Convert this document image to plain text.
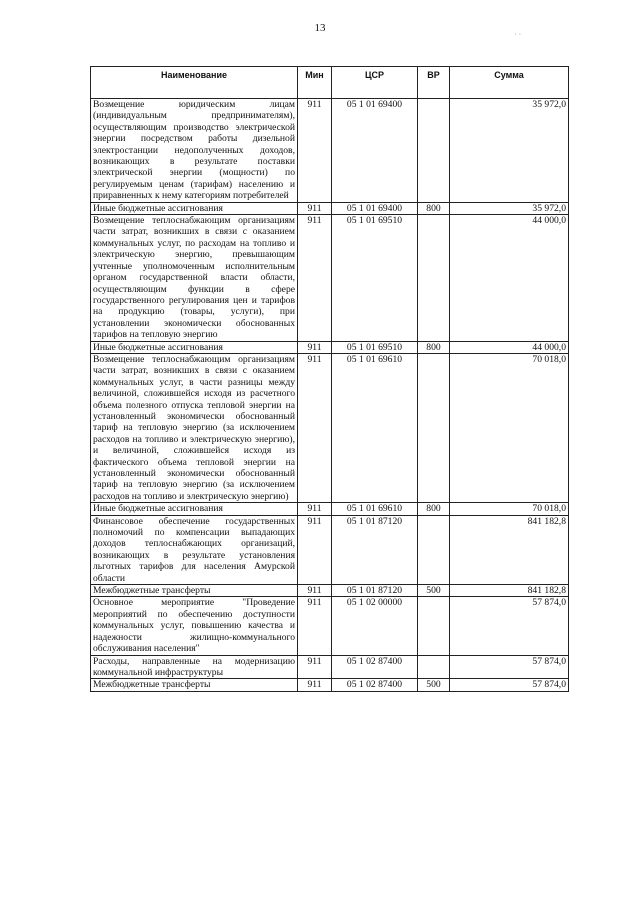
13
· ·
Наименование	Мин	ЦСР	ВР	Сумма
Возмещение юридическим лицам (индивидуальным предпринимателям), осуществляющим производство электрической энергии посредством работы дизельной электростанции недополученных доходов, возникающих в результате поставки электрической энергии (мощности) по регулируемым ценам (тарифам) населению и приравненных к нему категориям потребителей	911	05 1 01 69400		35 972,0
Иные бюджетные ассигнования	911	05 1 01 69400	800	35 972,0
Возмещение теплоснабжающим организациям части затрат, возникших в связи с оказанием коммунальных услуг, по расходам на топливо и электрическую энергию, превышающим учтенные уполномоченным исполнительным органом государственной власти области, осуществляющим функции в сфере государственного регулирования цен и тарифов на продукцию (товары, услуги), при установлении экономически обоснованных тарифов на тепловую энергию	911	05 1 01 69510		44 000,0
Иные бюджетные ассигнования	911	05 1 01 69510	800	44 000,0
Возмещение теплоснабжающим организациям части затрат, возникших в связи с оказанием коммунальных услуг, в части разницы между величиной, сложившейся исходя из расчетного объема полезного отпуска тепловой энергии на установленный экономически обоснованный тариф на тепловую энергию (за исключением расходов на топливо и электрическую энергию), и величиной, сложившейся исходя из фактического объема тепловой энергии на установленный экономически обоснованный тариф на тепловую энергию (за исключением расходов на топливо и электрическую энергию)	911	05 1 01 69610		70 018,0
Иные бюджетные ассигнования	911	05 1 01 69610	800	70 018,0
Финансовое обеспечение государственных полномочий по компенсации выпадающих доходов теплоснабжающих организаций, возникающих в результате установления льготных тарифов для населения Амурской области	911	05 1 01 87120		841 182,8
Межбюджетные трансферты	911	05 1 01 87120	500	841 182,8
Основное мероприятие "Проведение мероприятий по обеспечению доступности коммунальных услуг, повышению качества и надежности жилищно-коммунального обслуживания населения"	911	05 1 02 00000		57 874,0
Расходы, направленные на модернизацию коммунальной инфраструктуры	911	05 1 02 87400		57 874,0
Межбюджетные трансферты	911	05 1 02 87400	500	57 874,0
